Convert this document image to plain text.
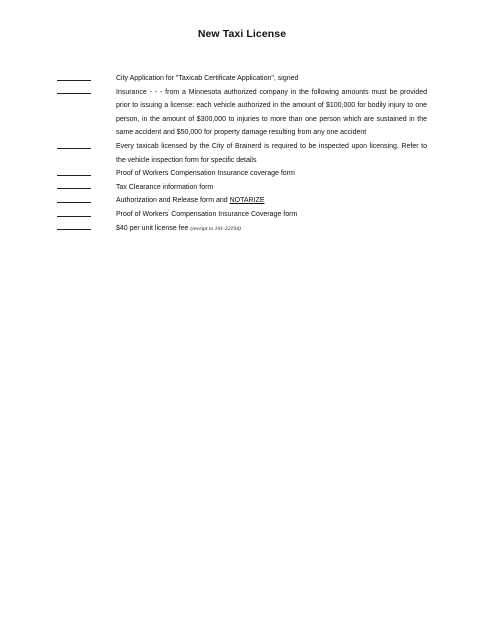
New Taxi License
City Application for "Taxicab Certificate Application", signed
Insurance - - - from a Minnesota authorized company in the following amounts must be provided prior to issuing a license: each vehicle authorized in the amount of $100,000 for bodily injury to one person, in the amount of $300,000 to injuries to more than one person which are sustained in the same accident and $50,000 for property damage resulting from any one accident
Every taxicab licensed by the City of Brainerd is required to be inspected upon licensing. Refer to the vehicle inspection form for specific details
Proof of Workers Compensation Insurance coverage form
Tax Clearance information form
Authorization and Release form and NOTARIZE
Proof of Workers' Compensation Insurance Coverage form
$40 per unit license fee (receipt to 101-32194)
